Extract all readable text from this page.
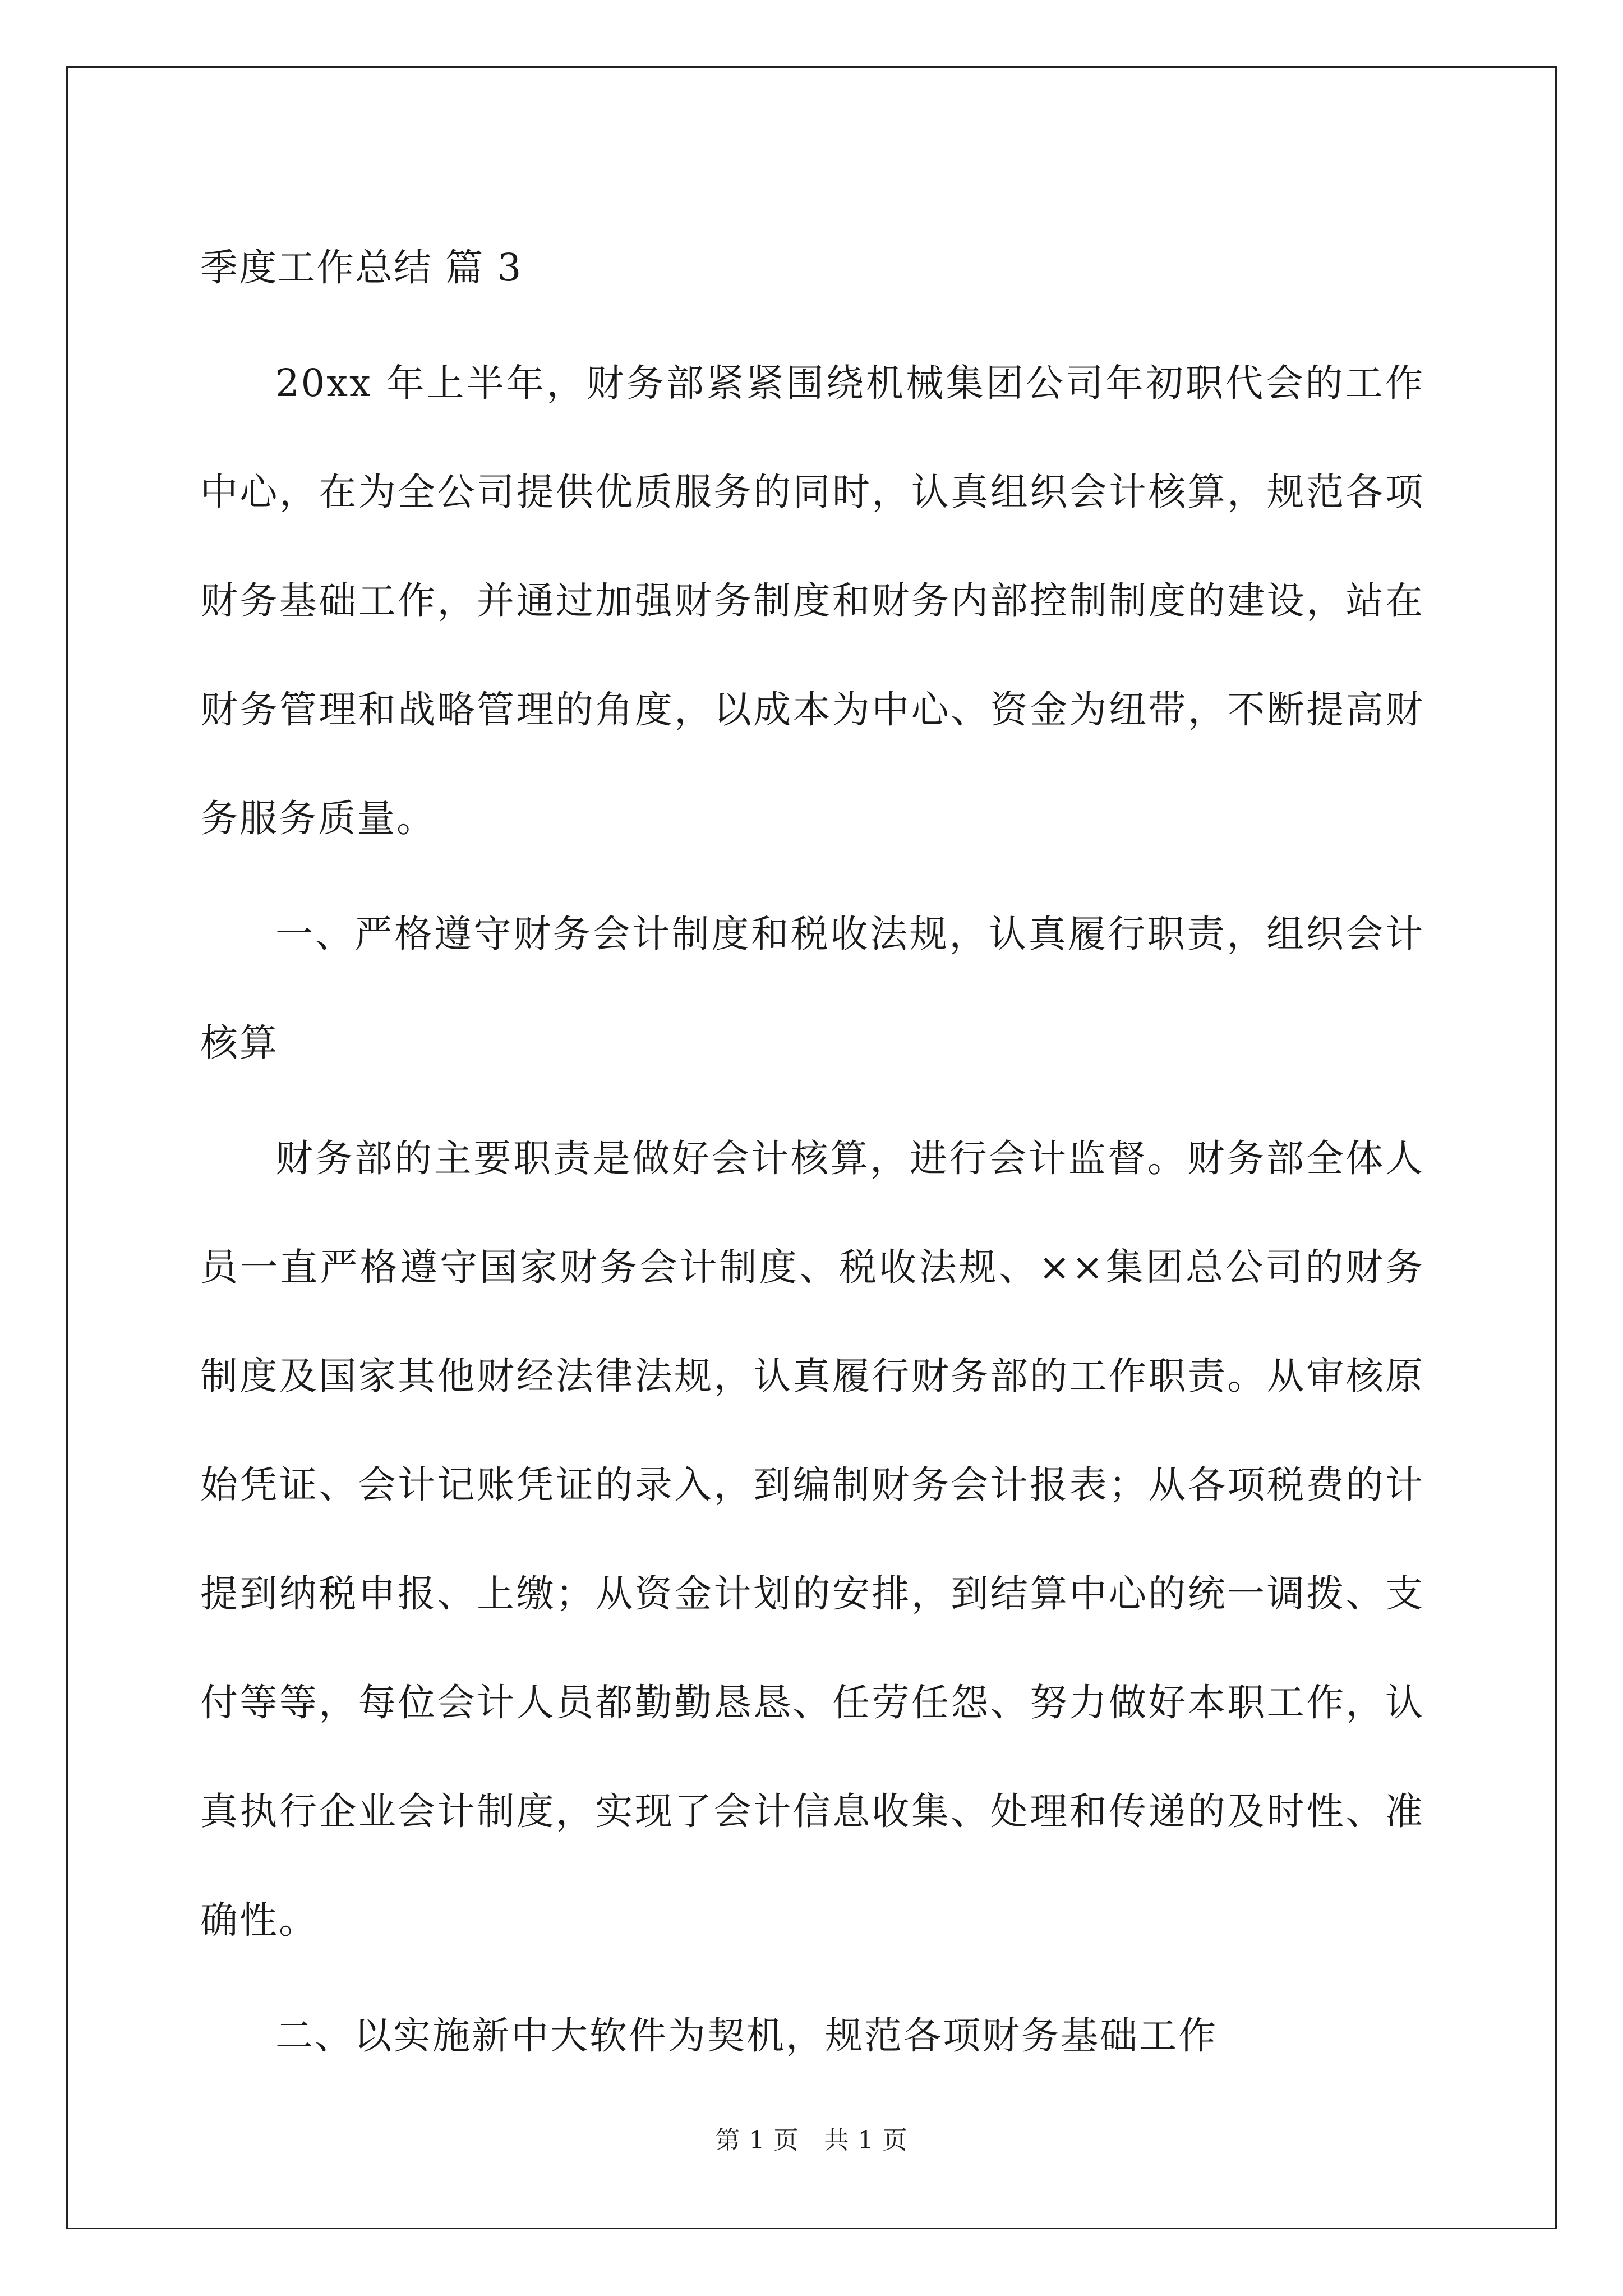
季度工作总结 篇 3

20xx 年上半年，财务部紧紧围绕机械集团公司年初职代会的工作中心，在为全公司提供优质服务的同时，认真组织会计核算，规范各项财务基础工作，并通过加强财务制度和财务内部控制制度的建设，站在财务管理和战略管理的角度，以成本为中心、资金为纽带，不断提高财务服务质量。

一、严格遵守财务会计制度和税收法规，认真履行职责，组织会计核算

财务部的主要职责是做好会计核算，进行会计监督。财务部全体人员一直严格遵守国家财务会计制度、税收法规、××集团总公司的财务制度及国家其他财经法律法规，认真履行财务部的工作职责。从审核原始凭证、会计记账凭证的录入，到编制财务会计报表；从各项税费的计提到纳税申报、上缴；从资金计划的安排，到结算中心的统一调拨、支付等等，每位会计人员都勤勤恳恳、任劳任怨、努力做好本职工作，认真执行企业会计制度，实现了会计信息收集、处理和传递的及时性、准确性。

二、以实施新中大软件为契机，规范各项财务基础工作

第 1 页　共 1 页
